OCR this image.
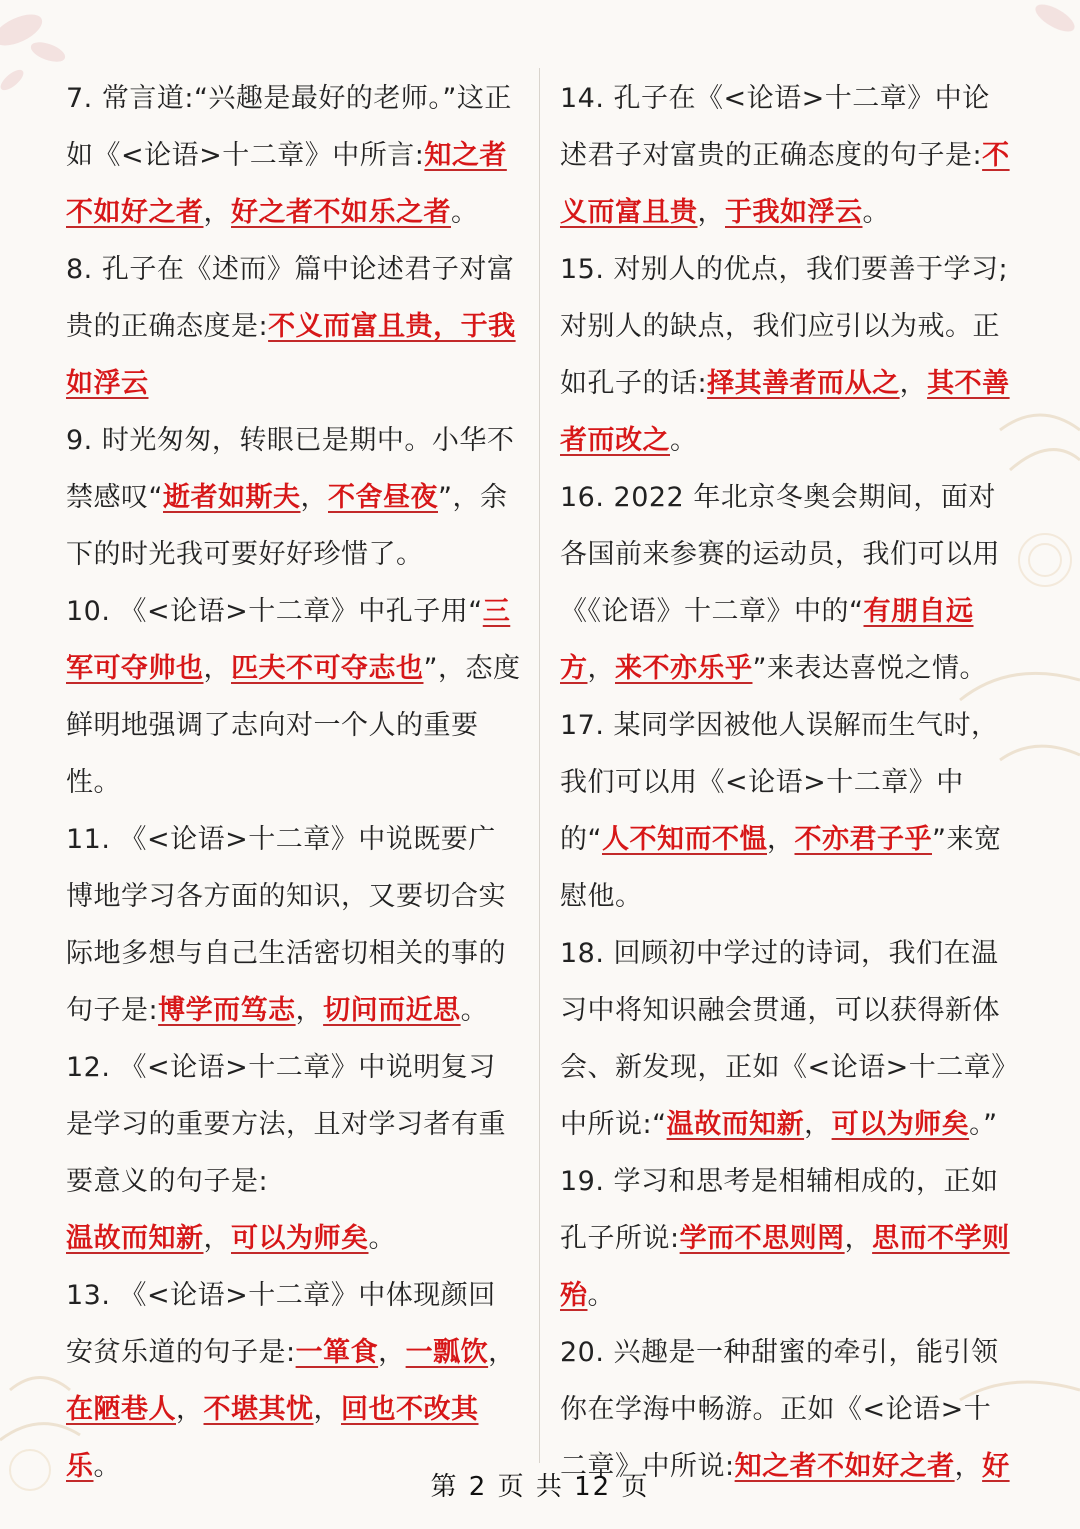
7. 常言道:“兴趣是最好的老师。”这正如《<论语>十二章》中所言:知之者不如好之者，好之者不如乐之者。

8. 孔子在《述而》篇中论述君子对富贵的正确态度是:不义而富且贵，于我如浮云

9. 时光匆匆，转眼已是期中。小华不禁感叹“逝者如斯夫，不舍昼夜”，余下的时光我可要好好珍惜了。

10. 《<论语>十二章》中孔子用“三军可夺帅也，匹夫不可夺志也”，态度鲜明地强调了志向对一个人的重要性。

11. 《<论语>十二章》中说既要广博地学习各方面的知识，又要切合实际地多想与自己生活密切相关的事的句子是:博学而笃志，切问而近思。

12. 《<论语>十二章》中说明复习是学习的重要方法，且对学习者有重要意义的句子是:
温故而知新，可以为师矣。

13. 《<论语>十二章》中体现颜回安贫乐道的句子是:一箪食，一瓢饮，在陋巷人，不堪其忧，回也不改其乐。

14. 孔子在《<论语>十二章》中论述君子对富贵的正确态度的句子是:不义而富且贵，于我如浮云。

15. 对别人的优点，我们要善于学习;对别人的缺点，我们应引以为戒。正如孔子的话:择其善者而从之，其不善者而改之。

16. 2022 年北京冬奥会期间，面对各国前来参赛的运动员，我们可以用《《论语》十二章》中的“有朋自远方，来不亦乐乎”来表达喜悦之情。

17. 某同学因被他人误解而生气时，我们可以用《<论语>十二章》中的“人不知而不愠，不亦君子乎”来宽慰他。

18. 回顾初中学过的诗词，我们在温习中将知识融会贯通，可以获得新体会、新发现，正如《<论语>十二章》中所说:“温故而知新，可以为师矣。”

19. 学习和思考是相辅相成的，正如孔子所说:学而不思则罔，思而不学则殆。

20. 兴趣是一种甜蜜的牵引，能引领你在学海中畅游。正如《<论语>十二章》中所说:知之者不如好之者，好

第 2 页 共 12 页
